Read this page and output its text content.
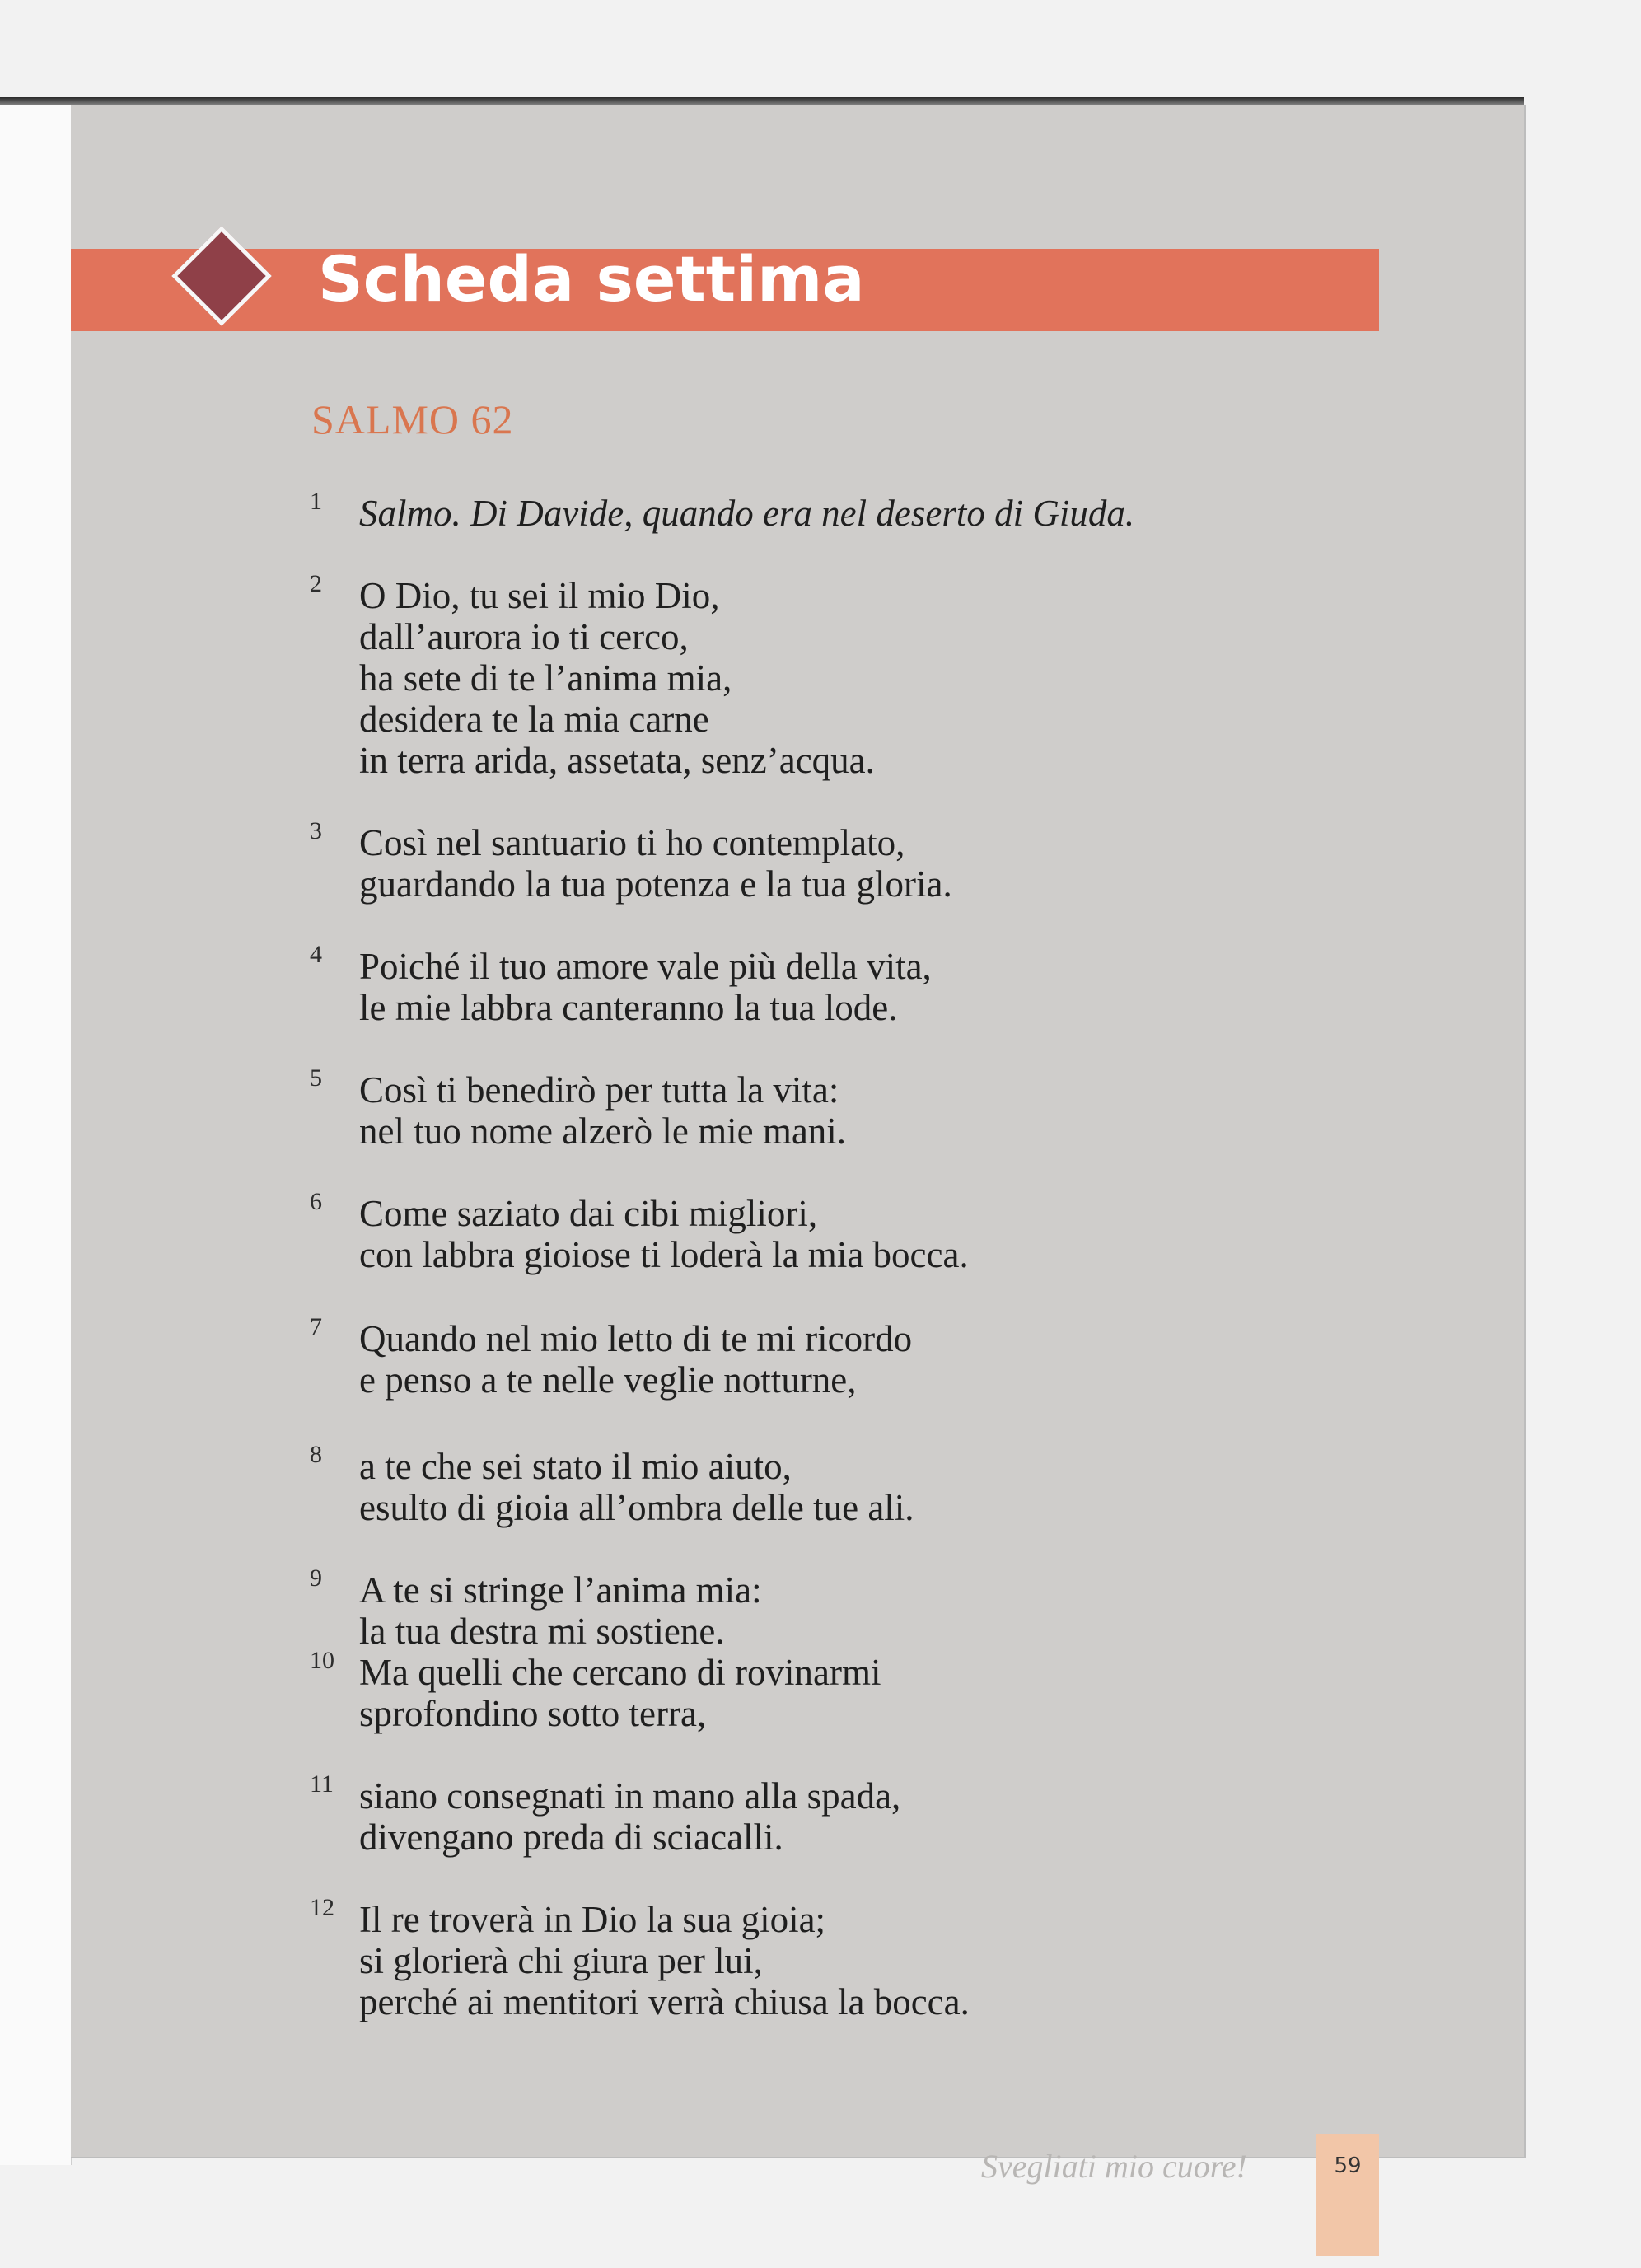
Scheda settima
SALMO 62
1 Salmo. Di Davide, quando era nel deserto di Giuda.
2 O Dio, tu sei il mio Dio,
dall’aurora io ti cerco,
ha sete di te l’anima mia,
desidera te la mia carne
in terra arida, assetata, senz’acqua.
3 Così nel santuario ti ho contemplato,
guardando la tua potenza e la tua gloria.
4 Poiché il tuo amore vale più della vita,
le mie labbra canteranno la tua lode.
5 Così ti benedirò per tutta la vita:
nel tuo nome alzerò le mie mani.
6 Come saziato dai cibi migliori,
con labbra gioiose ti loderà la mia bocca.
7 Quando nel mio letto di te mi ricordo
e penso a te nelle veglie notturne,
8 a te che sei stato il mio aiuto,
esulto di gioia all’ombra delle tue ali.
9 A te si stringe l’anima mia:
la tua destra mi sostiene.
10 Ma quelli che cercano di rovinarmi
sprofondino sotto terra,
11 siano consegnati in mano alla spada,
divengano preda di sciacalli.
12 Il re troverà in Dio la sua gioia;
si glorierà chi giura per lui,
perché ai mentitori verrà chiusa la bocca.
Svegliati mio cuore!	59
